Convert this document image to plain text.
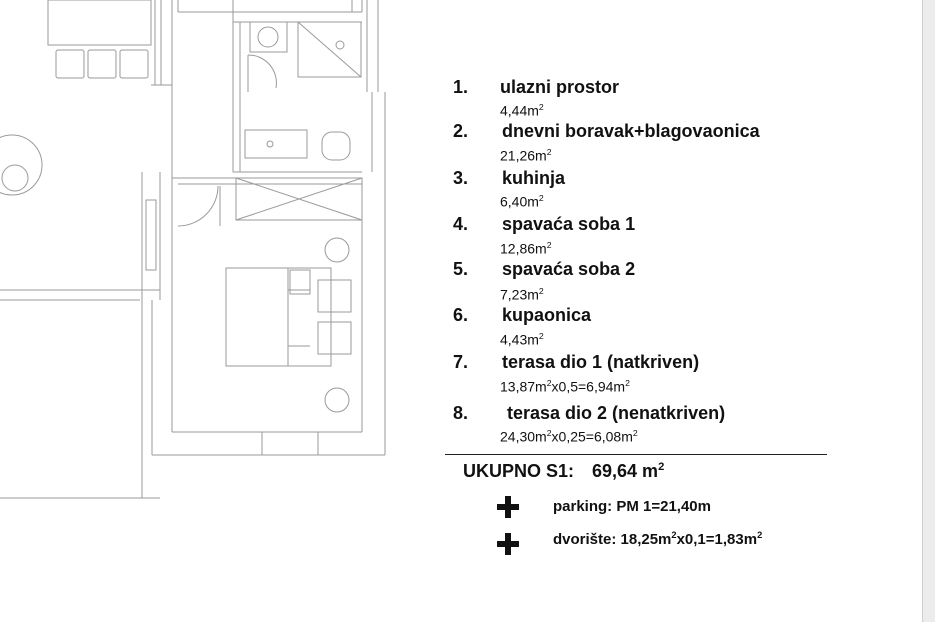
1. ulazni prostor
$4,44m^2$
2. dnevni boravak+blagovaonica
$21,26m^2$
3. kuhinja
$6,40m^2$
4. spavaća soba 1
$12,86m^2$
5. spavaća soba 2
$7,23m^2$
6. kupaonica
$4,43m^2$
7. terasa dio 1 (natkriven)
$13,87m^2x0,5=6,94m^2$
8. terasa dio 2 (nenatkriven)
$24,30m^2x0,25=6,08m^2$
UKUPNO S1: 69,64 $m^2$
parking: PM 1=21,40m
dvorište: $18,25m^2x0,1=1,83m^2$
